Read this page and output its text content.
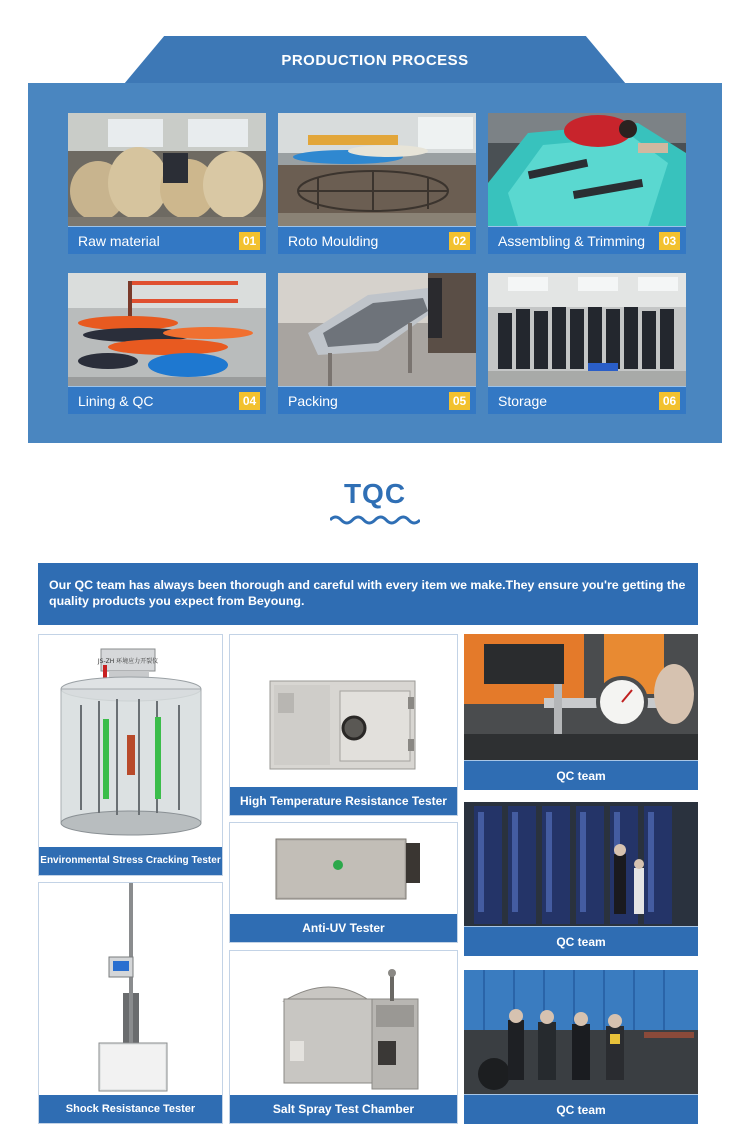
PRODUCTION PROCESS
Raw material	01 Roto Moulding	02 Assembling & Trimming	03
Lining & QC	04 Packing	05 Storage	06
TQC
Our QC team has always been thorough and careful with every item we make.They ensure you're getting the quality products you expect from Beyoung.
JS-ZH 环境应力开裂仪
Environmental Stress Cracking Tester
Shock Resistance Tester
High Temperature Resistance Tester
Anti-UV Tester
Salt Spray Test Chamber
QC team
QC team
QC team
